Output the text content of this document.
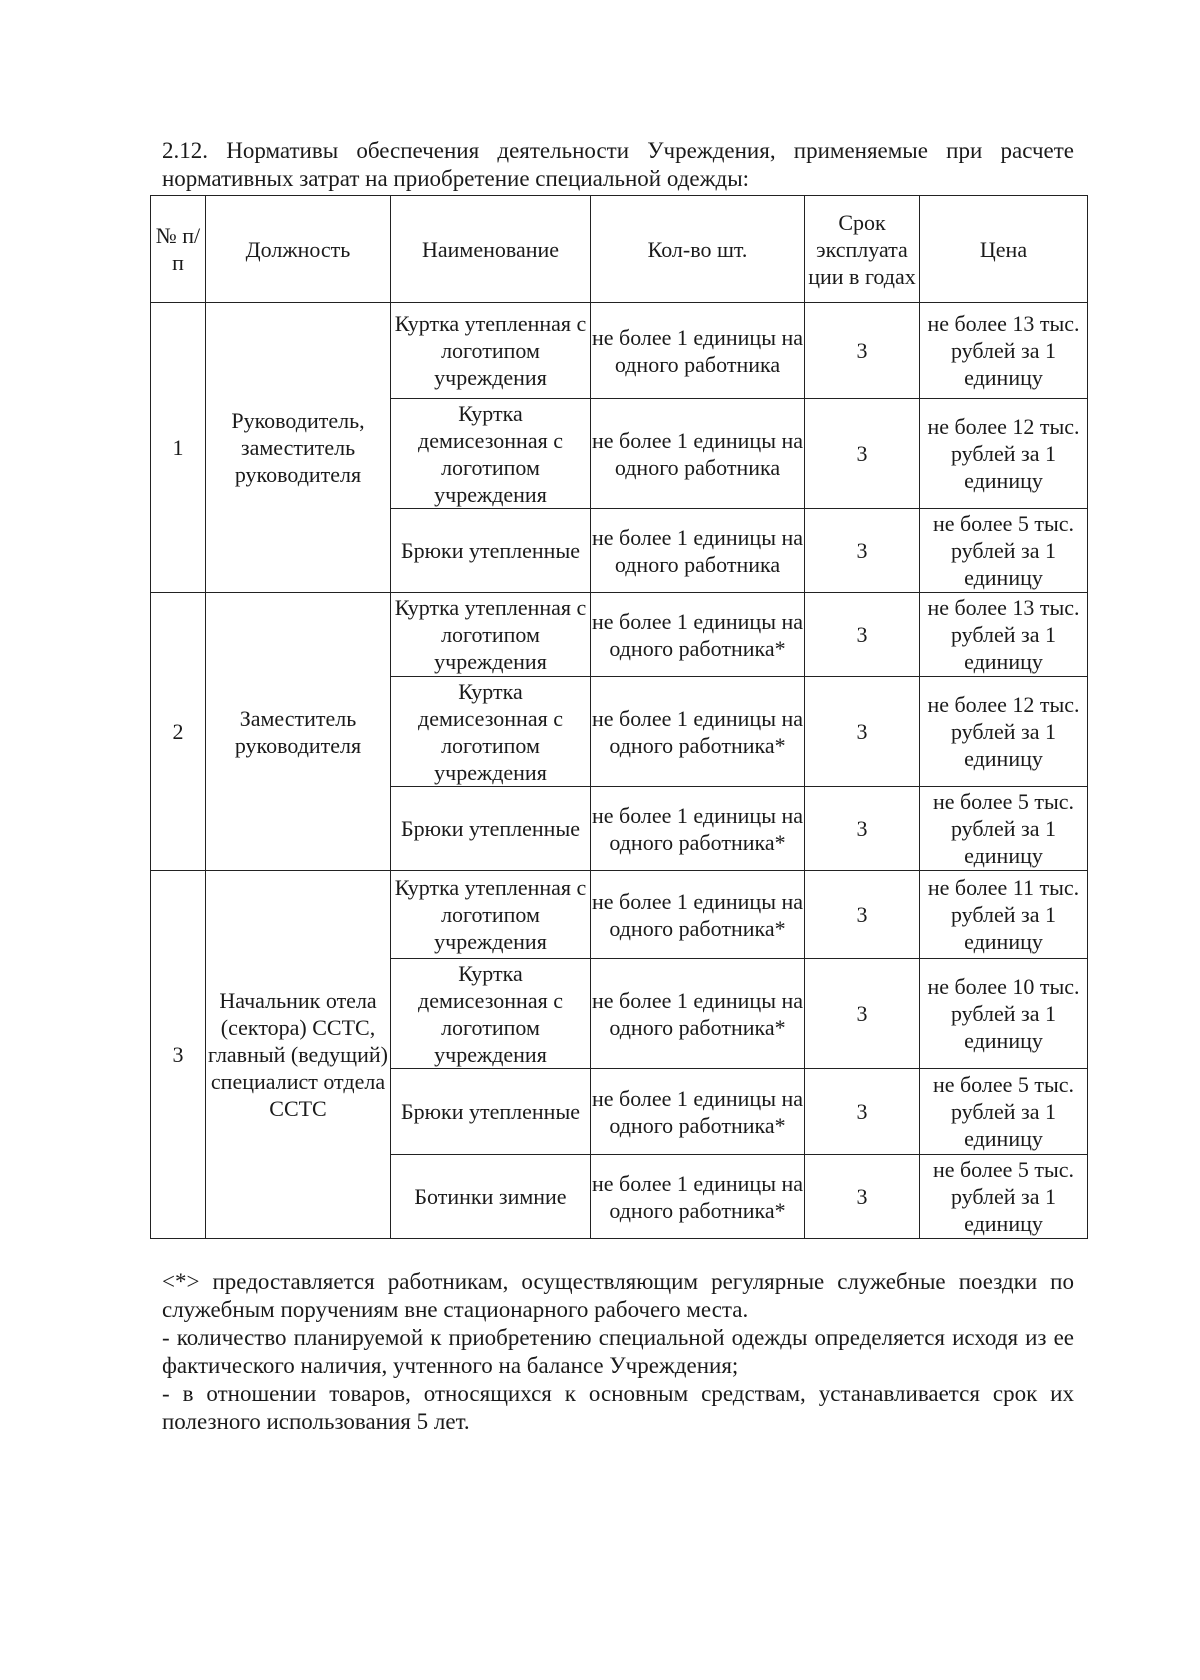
2.12. Нормативы обеспечения деятельности Учреждения, применяемые при расчете нормативных затрат на приобретение специальной одежды:

№ п/п	Должность	Наименование	Кол-во шт.	Срок эксплуата ции в годах	Цена
1	Руководитель, заместитель руководителя	Куртка утепленная с логотипом учреждения	не более 1 единицы на одного работника	3	не более 13 тыс. рублей за 1 единицу
		Куртка демисезонная с логотипом учреждения	не более 1 единицы на одного работника	3	не более 12 тыс. рублей за 1 единицу
		Брюки утепленные	не более 1 единицы на одного работника	3	не более 5 тыс. рублей за 1 единицу
2	Заместитель руководителя	Куртка утепленная с логотипом учреждения	не более 1 единицы на одного работника*	3	не более 13 тыс. рублей за 1 единицу
		Куртка демисезонная с логотипом учреждения	не более 1 единицы на одного работника*	3	не более 12 тыс. рублей за 1 единицу
		Брюки утепленные	не более 1 единицы на одного работника*	3	не более 5 тыс. рублей за 1 единицу
3	Начальник отела (сектора) ССТС, главный (ведущий) специалист отдела ССТС	Куртка утепленная с логотипом учреждения	не более 1 единицы на одного работника*	3	не более 11 тыс. рублей за 1 единицу
		Куртка демисезонная с логотипом учреждения	не более 1 единицы на одного работника*	3	не более 10 тыс. рублей за 1 единицу
		Брюки утепленные	не более 1 единицы на одного работника*	3	не более 5 тыс. рублей за 1 единицу
		Ботинки зимние	не более 1 единицы на одного работника*	3	не более 5 тыс. рублей за 1 единицу

<*> предоставляется работникам, осуществляющим регулярные служебные поездки по служебным поручениям вне стационарного рабочего места.

- количество планируемой к приобретению специальной одежды определяется исходя из ее фактического наличия, учтенного на балансе Учреждения;

- в отношении товаров, относящихся к основным средствам, устанавливается срок их полезного использования 5 лет.
